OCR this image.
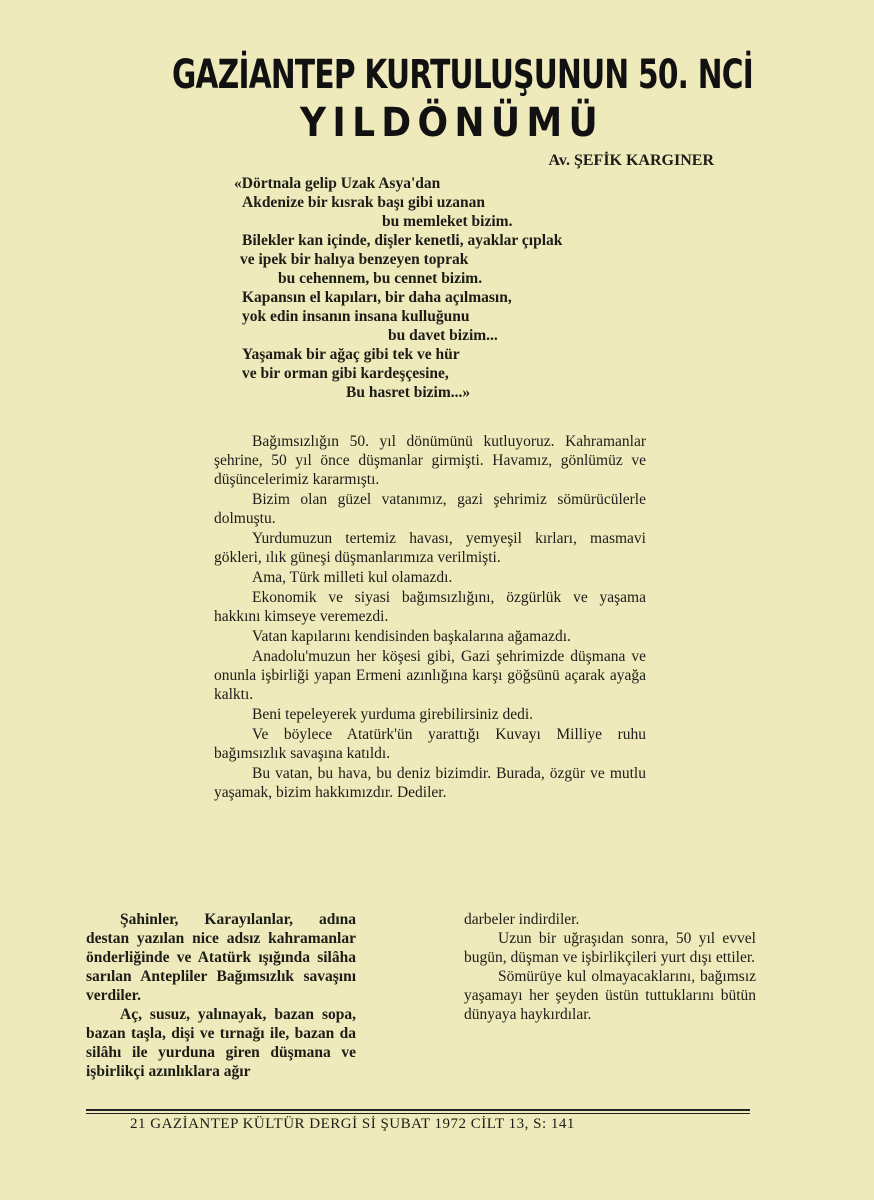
GAZİANTEP KURTULUŞUNUN 50. NCİ
YILDÖNÜMÜ
Av. ŞEFİK KARGINER
«Dörtnala gelip Uzak Asya'dan
Akdenize bir kısrak başı gibi uzanan
bu memleket bizim.
Bilekler kan içinde, dişler kenetli, ayaklar çıplak
ve ipek bir halıya benzeyen toprak
bu cehennem, bu cennet bizim.
Kapansın el kapıları, bir daha açılmasın,
yok edin insanın insana kulluğunu
bu davet bizim...
Yaşamak bir ağaç gibi tek ve hür
ve bir orman gibi kardeşçesine,
Bu hasret bizim...»

Bağımsızlığın 50. yıl dönümünü kutluyoruz. Kahramanlar şehrine, 50 yıl önce düşmanlar girmişti. Havamız, gönlümüz ve düşüncelerimiz kararmıştı.

Bizim olan güzel vatanımız, gazi şehrimiz sömürücülerle dolmuştu.

Yurdumuzun tertemiz havası, yemyeşil kırları, masmavi gökleri, ılık güneşi düşmanlarımıza verilmişti.

Ama, Türk milleti kul olamazdı.

Ekonomik ve siyasi bağımsızlığını, özgürlük ve yaşama hakkını kimseye veremezdi.

Vatan kapılarını kendisinden başkalarına ağamazdı.

Anadolu'muzun her köşesi gibi, Gazi şehrimizde düşmana ve onunla işbirliği yapan Ermeni azınlığına karşı göğsünü açarak ayağa kalktı.

Beni tepeleyerek yurduma girebilirsiniz dedi.

Ve böylece Atatürk'ün yarattığı Kuvayı Milliye ruhu bağımsızlık savaşına katıldı.

Bu vatan, bu hava, bu deniz bizimdir. Burada, özgür ve mutlu yaşamak, bizim hakkımızdır. Dediler.

Şahinler, Karayılanlar, adına destan yazılan nice adsız kahramanlar önderliğinde ve Atatürk ışığında silâha sarılan Antepliler Bağımsızlık savaşını verdiler.

Aç, susuz, yalınayak, bazan sopa, bazan taşla, dişi ve tırnağı ile, bazan da silâhı ile yurduna giren düşmana ve işbirlikçi azınlıklara ağır

darbeler indirdiler.

Uzun bir uğraşıdan sonra, 50 yıl evvel bugün, düşman ve işbirlikçileri yurt dışı ettiler.

Sömürüye kul olmayacaklarını, bağımsız yaşamayı her şeyden üstün tuttuklarını bütün dünyaya haykırdılar.

21 GAZİANTEP KÜLTÜR DERGİ Sİ ŞUBAT 1972 CİLT 13, S: 141
